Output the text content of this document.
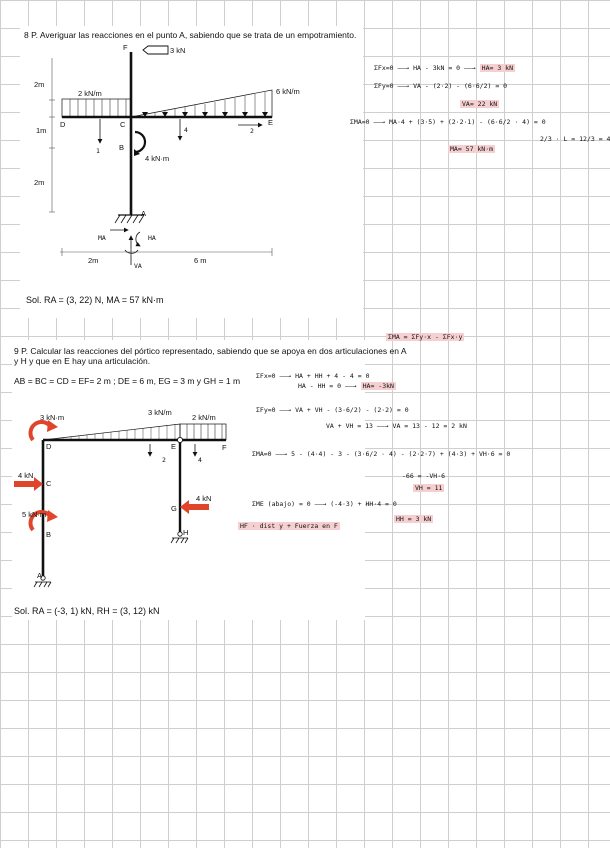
8 P. Averiguar las reacciones en el punto A, sabiendo que se trata de un empotramiento.
3 kN
F
2 kN/m	6 kN/m
D	C	E
B
A
4 kN·m
2m
1m
2m
2m	6 m
4	2
1
MA	HA
VA
Sol. RA = (3, 22) N, MA = 57 kN·m
ΣFx=0 ——→ HA - 3kN = 0 ——→ HA= 3 kN
ΣFy=0 ——→ VA - (2·2) - (6·6/2) = 0
VA= 22 kN
ΣMA=0 ——→ MA·4 + (3·5) + (2·2·1) - (6·6/2 · 4) = 0
2/3 · L = 12/3 = 4
MA= 57 kN·m
9 P. Calcular las reacciones del pórtico representado, sabiendo que se apoya en dos articulaciones en A
y H y que en E hay una articulación.
AB = BC = CD = EF= 2 m ; DE = 6 m, EG = 3 m y GH = 1 m
3 kN·m
3 kN/m
2 kN/m
D	E	F
C
4 kN
5 kN·m
B
A
G
4 kN
H
2	4
Sol. RA = (-3, 1) kN, RH = (3, 12) kN
ΣMA = ΣFy·x - ΣFx·y
ΣFx=0 ——→ HA + HH + 4 - 4 = 0
HA - HH = 0 ——→ HA= -3kN
ΣFy=0 ——→ VA + VH - (3·6/2) - (2·2) = 0
VA + VH = 13 ——→ VA = 13 - 12 = 2 kN
ΣMA=0 ——→ 5 - (4·4) - 3 - (3·6/2 · 4) - (2·2·7) + (4·3) + VH·6 = 0
-66 = -VH·6
VH = 11
ΣME (abajo) = 0 ——→ (-4·3) + HH·4 = 0
HH = 3 kN
HF · dist y + Fuerza en F
